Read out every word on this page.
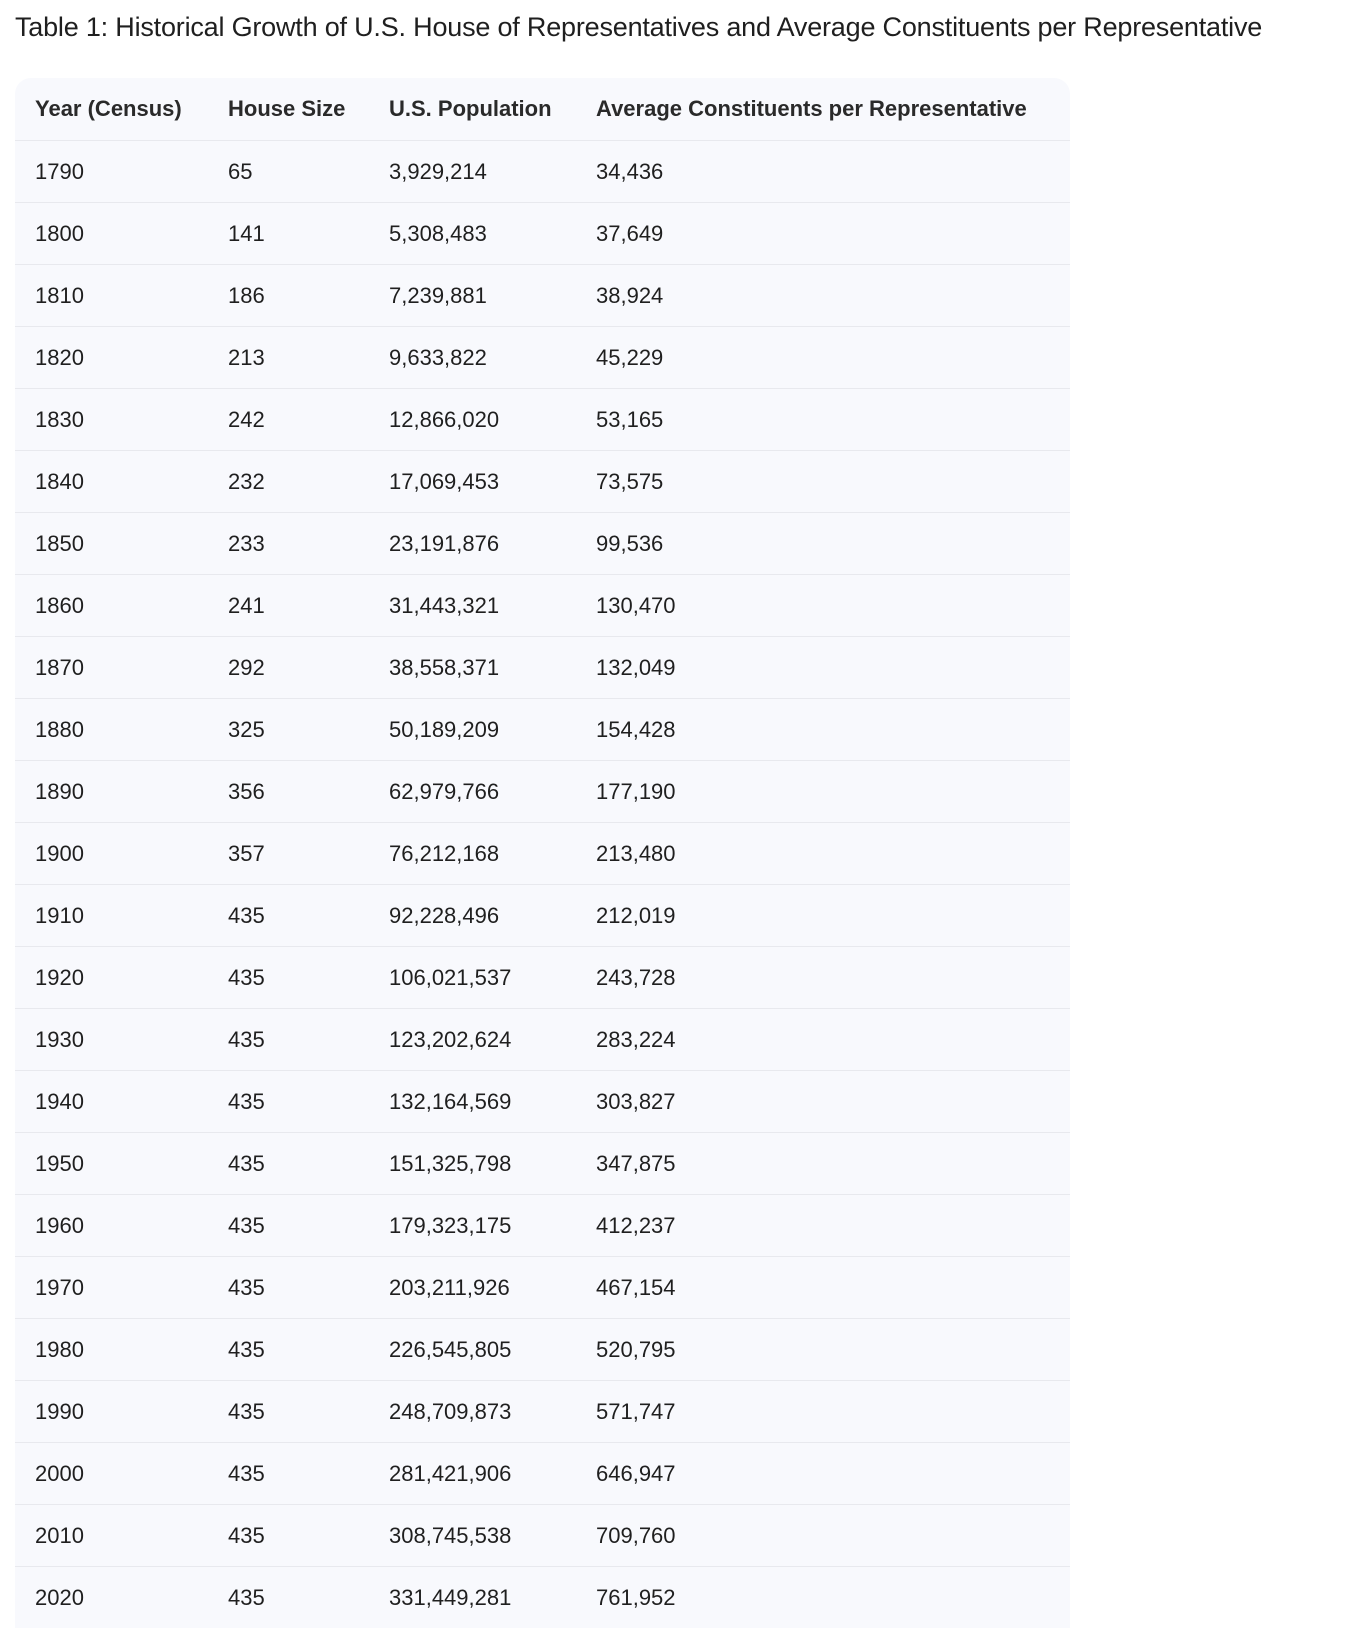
Table 1: Historical Growth of U.S. House of Representatives and Average Constituents per Representative
Year (Census)	House Size	U.S. Population	Average Constituents per Representative
1790	65	3,929,214	34,436
1800	141	5,308,483	37,649
1810	186	7,239,881	38,924
1820	213	9,633,822	45,229
1830	242	12,866,020	53,165
1840	232	17,069,453	73,575
1850	233	23,191,876	99,536
1860	241	31,443,321	130,470
1870	292	38,558,371	132,049
1880	325	50,189,209	154,428
1890	356	62,979,766	177,190
1900	357	76,212,168	213,480
1910	435	92,228,496	212,019
1920	435	106,021,537	243,728
1930	435	123,202,624	283,224
1940	435	132,164,569	303,827
1950	435	151,325,798	347,875
1960	435	179,323,175	412,237
1970	435	203,211,926	467,154
1980	435	226,545,805	520,795
1990	435	248,709,873	571,747
2000	435	281,421,906	646,947
2010	435	308,745,538	709,760
2020	435	331,449,281	761,952
